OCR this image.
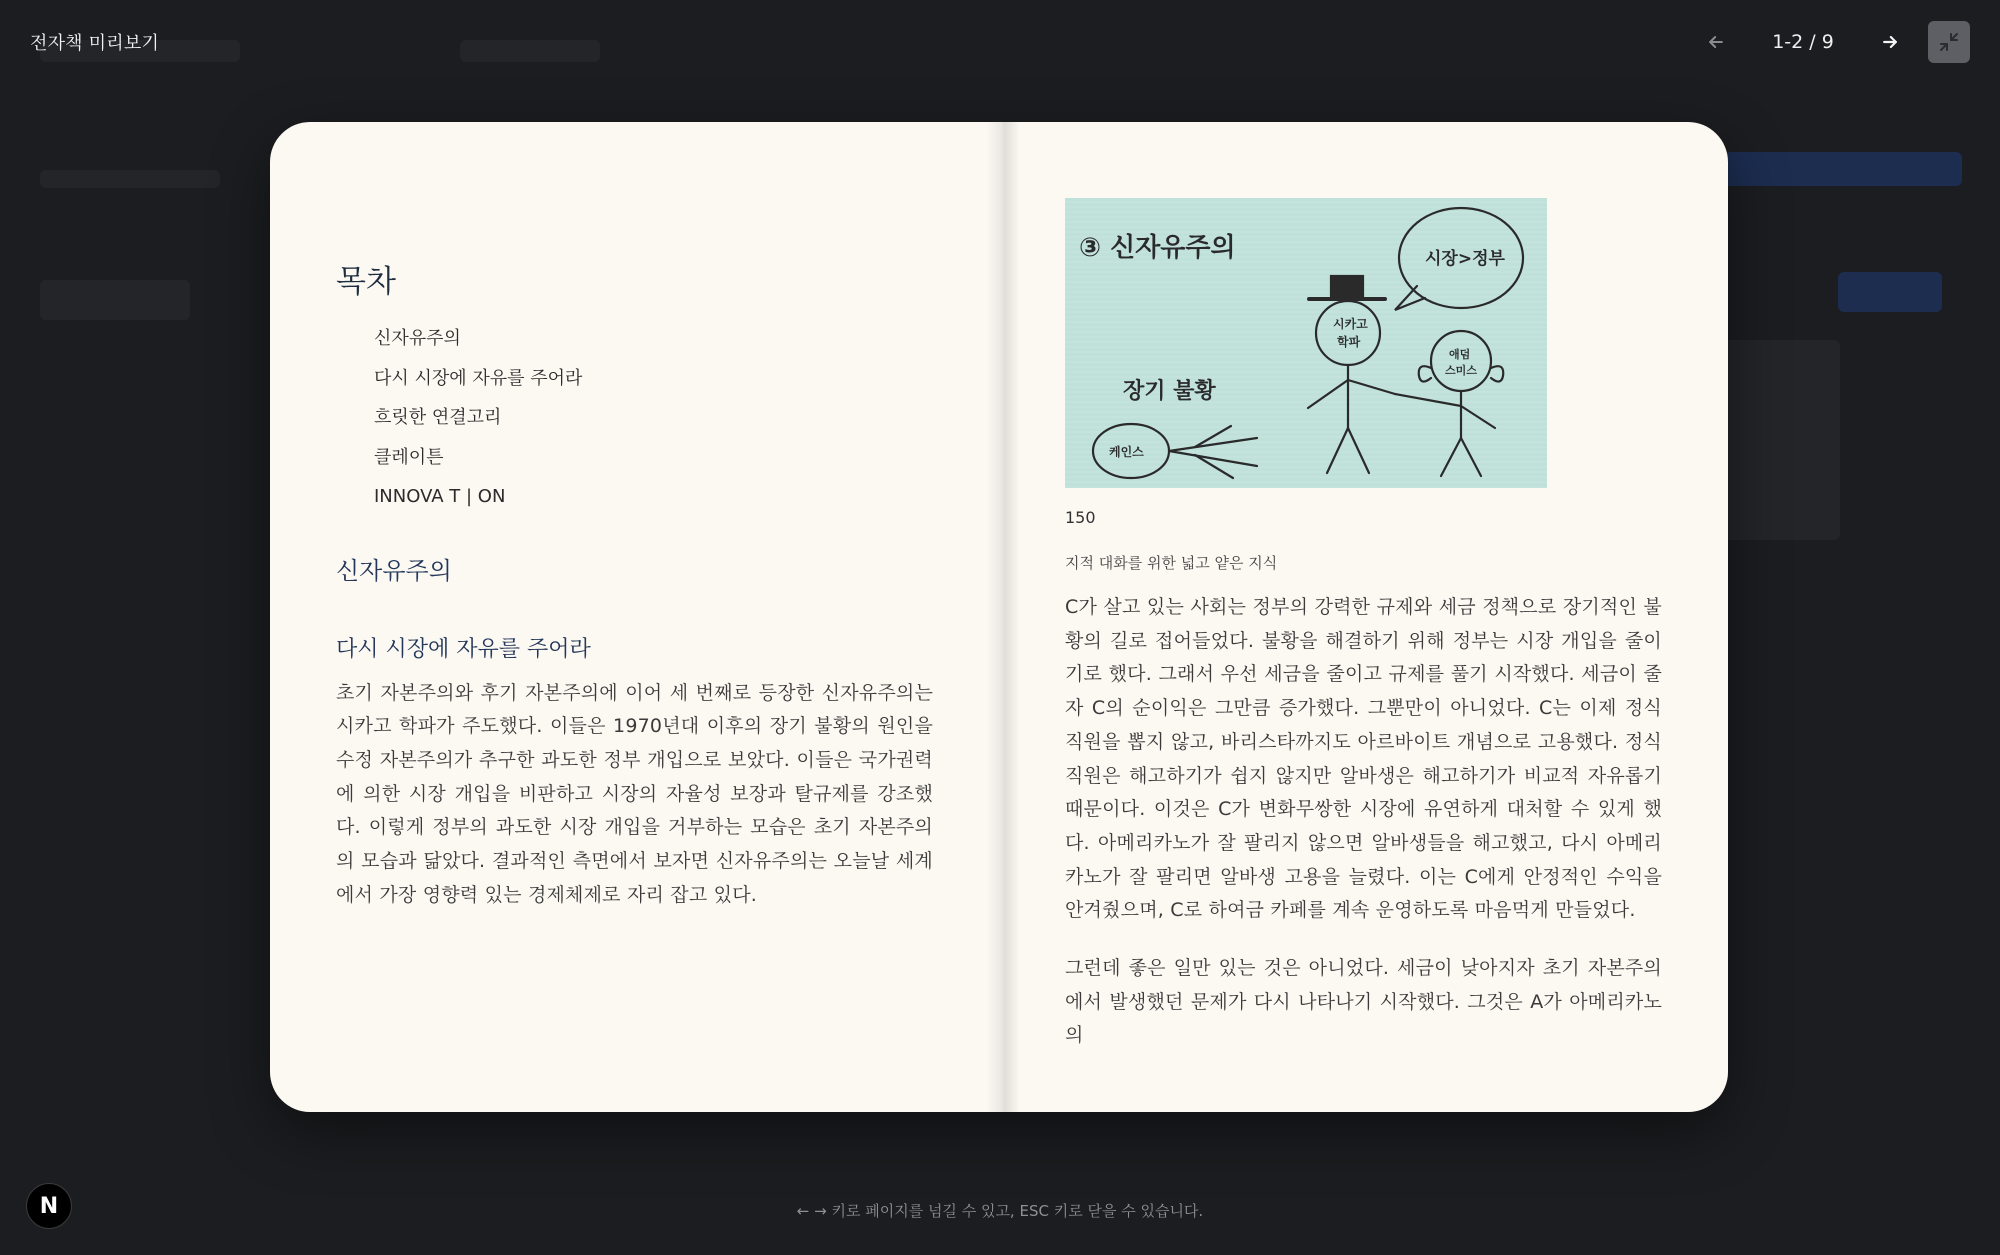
전자책 미리보기	1-2 / 9
목차
신자유주의
다시 시장에 자유를 주어라
흐릿한 연결고리
클레이튼
INNOVA T | ON
신자유주의
다시 시장에 자유를 주어라

초기 자본주의와 후기 자본주의에 이어 세 번째로 등장한 신자유주의는 시카고 학파가 주도했다. 이들은 1970년대 이후의 장기 불황의 원인을 수정 자본주의가 추구한 과도한 정부 개입으로 보았다. 이들은 국가권력에 의한 시장 개입을 비판하고 시장의 자율성 보장과 탈규제를 강조했다. 이렇게 정부의 과도한 시장 개입을 거부하는 모습은 초기 자본주의의 모습과 닮았다. 결과적인 측면에서 보자면 신자유주의는 오늘날 세계에서 가장 영향력 있는 경제체제로 자리 잡고 있다.

③ 신자유주의	시장>정부
시카고
학파
애덤
스미스
장기 불황
케인스
150
지적 대화를 위한 넓고 얕은 지식

C가 살고 있는 사회는 정부의 강력한 규제와 세금 정책으로 장기적인 불황의 길로 접어들었다. 불황을 해결하기 위해 정부는 시장 개입을 줄이기로 했다. 그래서 우선 세금을 줄이고 규제를 풀기 시작했다. 세금이 줄자 C의 순이익은 그만큼 증가했다. 그뿐만이 아니었다. C는 이제 정식 직원을 뽑지 않고, 바리스타까지도 아르바이트 개념으로 고용했다. 정식 직원은 해고하기가 쉽지 않지만 알바생은 해고하기가 비교적 자유롭기 때문이다. 이것은 C가 변화무쌍한 시장에 유연하게 대처할 수 있게 했다. 아메리카노가 잘 팔리지 않으면 알바생들을 해고했고, 다시 아메리카노가 잘 팔리면 알바생 고용을 늘렸다. 이는 C에게 안정적인 수익을 안겨줬으며, C로 하여금 카페를 계속 운영하도록 마음먹게 만들었다.

그런데 좋은 일만 있는 것은 아니었다. 세금이 낮아지자 초기 자본주의에서 발생했던 문제가 다시 나타나기 시작했다. 그것은 A가 아메리카노의

← → 키로 페이지를 넘길 수 있고, ESC 키로 닫을 수 있습니다.
N
